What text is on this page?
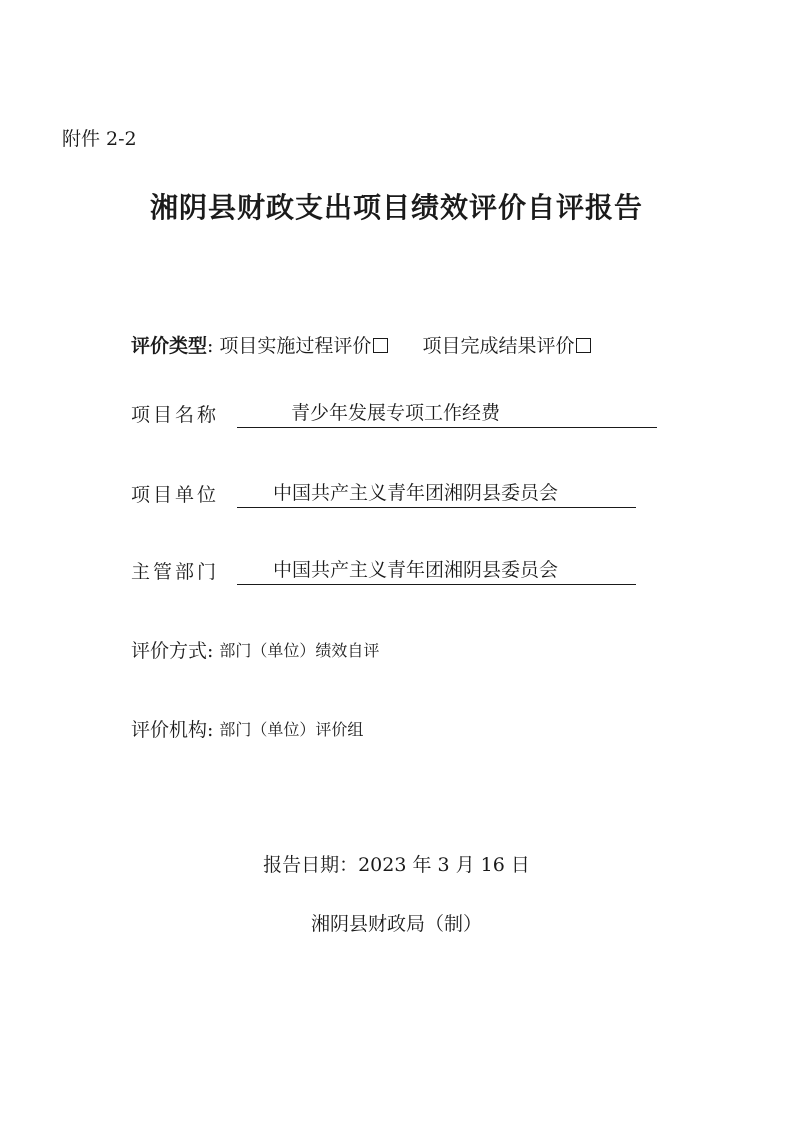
附件 2-2
湘阴县财政支出项目绩效评价自评报告
评价类型 : 项目实施过程评价	项目完成结果评价
项目名称	青少年发展专项工作经费
项目单位	中国共产主义青年团湘阴县委员会
主管部门	中国共产主义青年团湘阴县委员会
评价方式: 部门（单位）绩效自评
评价机构: 部门（单位）评价组
报告日期：2023 年 3 月 16 日
湘阴县财政局（制）
